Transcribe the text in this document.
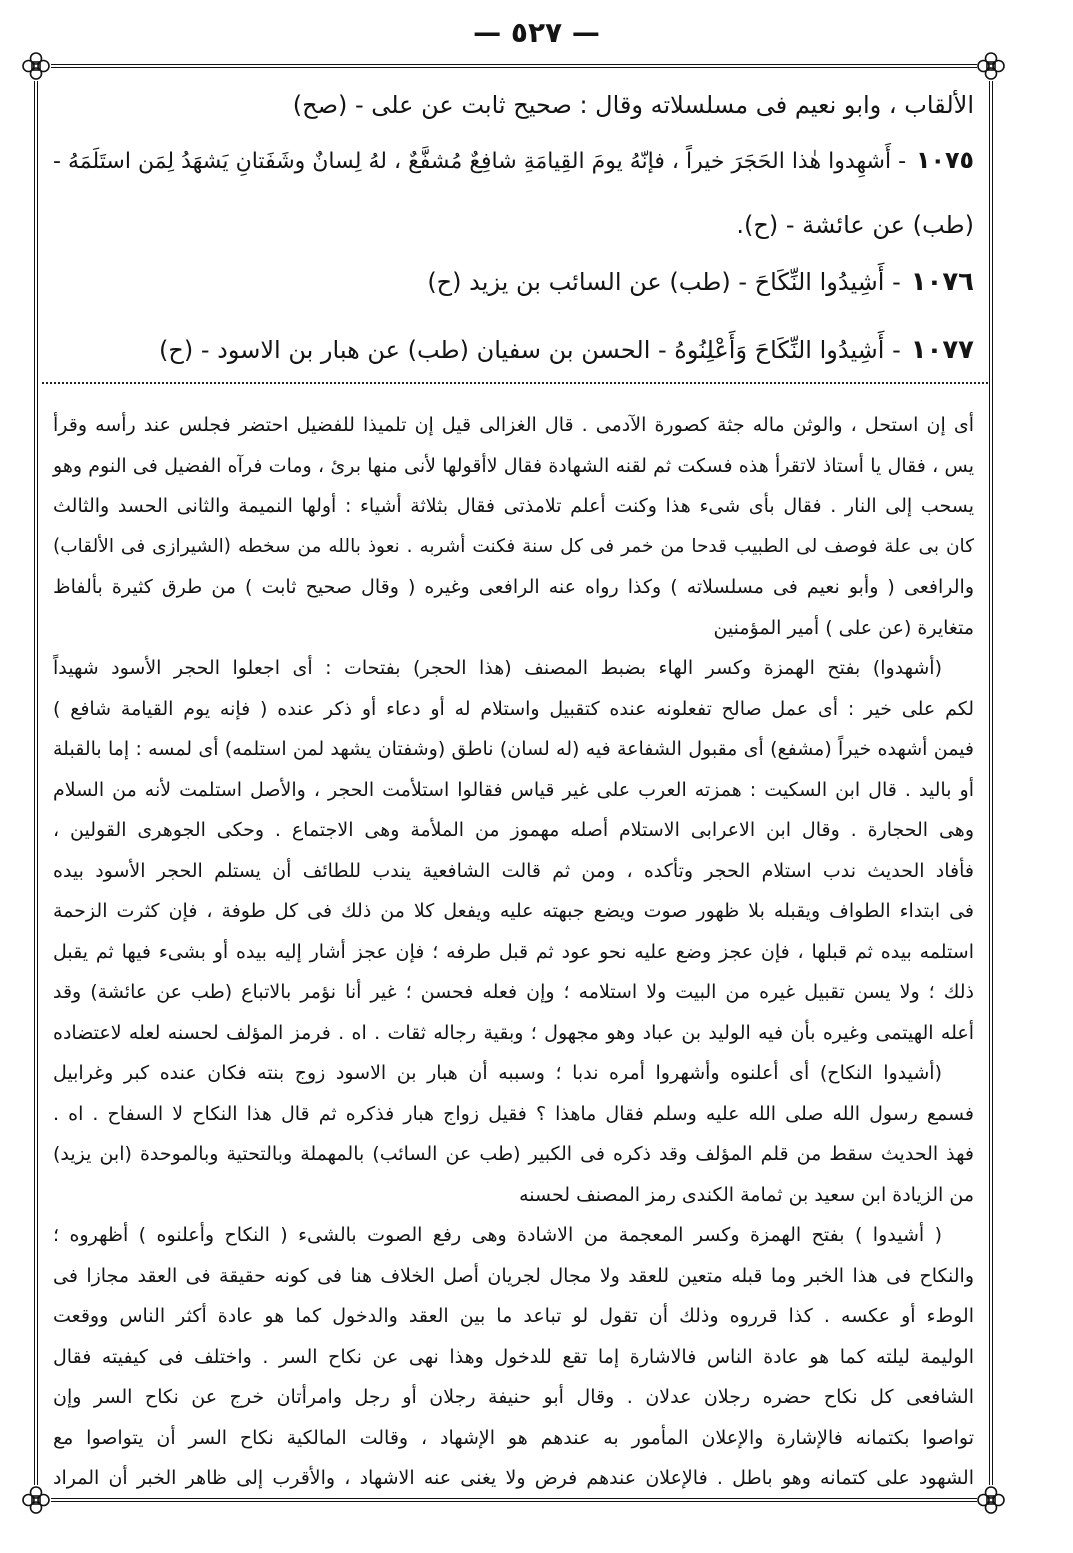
— ٥٢٧ —
الألقاب ، وابو نعيم فى مسلسلاته وقال : صحيح ثابت عن على - (صح)
١٠٧٥- أَشهِدوا هٰذا الحَجَرَ خيراً ، فإنّهُ يومَ القِيامَةِ شافِعٌ مُشفَّعٌ ، لهُ لِسانٌ وشَفَتانِ يَشهَدُ لِمَن استَلَمَهُ -
(طب) عن عائشة - (ح).
١٠٧٦- أَشِيدُوا النِّكَاحَ - (طب) عن السائب بن يزيد (ح)
١٠٧٧- أَشِيدُوا النِّكَاحَ وَأَعْلِنُوهُ - الحسن بن سفيان (طب) عن هبار بن الاسود - (ح)
أى إن استحل ، والوثن ماله جثة كصورة الآدمى . قال الغزالى قيل إن تلميذا للفضيل احتضر فجلس عند رأسه وقرأ
يس ، فقال يا أستاذ لاتقرأ هذه فسكت ثم لقنه الشهادة فقال لاأقولها لأنى منها برئ ، ومات فرآه الفضيل فى النوم وهو
يسحب إلى النار . فقال بأى شىء هذا وكنت أعلم تلامذتى فقال بثلاثة أشياء : أولها النميمة والثانى الحسد والثالث
كان بى علة فوصف لى الطبيب قدحا من خمر فى كل سنة فكنت أشربه . نعوذ بالله من سخطه (الشيرازى فى الألقاب)
والرافعى ( وأبو نعيم فى مسلسلاته ) وكذا رواه عنه الرافعى وغيره ( وقال صحيح ثابت ) من طرق كثيرة بألفاظ
متغايرة (عن على ) أمير المؤمنين
(أشهدوا) بفتح الهمزة وكسر الهاء بضبط المصنف (هذا الحجر) بفتحات : أى اجعلوا الحجر الأسود شهيداً
لكم على خير : أى عمل صالح تفعلونه عنده كتقبيل واستلام له أو دعاء أو ذكر عنده ( فإنه يوم القيامة شافع )
فيمن أشهده خيراً (مشفع) أى مقبول الشفاعة فيه (له لسان) ناطق (وشفتان يشهد لمن استلمه) أى لمسه : إما بالقبلة
أو باليد . قال ابن السكيت : همزته العرب على غير قياس فقالوا استلأمت الحجر ، والأصل استلمت لأنه من السلام
وهى الحجارة . وقال ابن الاعرابى الاستلام أصله مهموز من الملأمة وهى الاجتماع . وحكى الجوهرى القولين ،
فأفاد الحديث ندب استلام الحجر وتأكده ، ومن ثم قالت الشافعية يندب للطائف أن يستلم الحجر الأسود بيده
فى ابتداء الطواف ويقبله بلا ظهور صوت ويضع جبهته عليه ويفعل كلا من ذلك فى كل طوفة ، فإن كثرت الزحمة
استلمه بيده ثم قبلها ، فإن عجز وضع عليه نحو عود ثم قبل طرفه ؛ فإن عجز أشار إليه بيده أو بشىء فيها ثم يقبل
ذلك ؛ ولا يسن تقبيل غيره من البيت ولا استلامه ؛ وإن فعله فحسن ؛ غير أنا نؤمر بالاتباع (طب عن عائشة) وقد
أعله الهيتمى وغيره بأن فيه الوليد بن عباد وهو مجهول ؛ وبقية رجاله ثقات . اه . فرمز المؤلف لحسنه لعله لاعتضاده
(أشيدوا النكاح) أى أعلنوه وأشهروا أمره ندبا ؛ وسببه أن هبار بن الاسود زوج بنته فكان عنده كبر وغرابيل
فسمع رسول الله صلى الله عليه وسلم فقال ماهذا ؟ فقيل زواج هبار فذكره ثم قال هذا النكاح لا السفاح . اه .
فهذ الحديث سقط من قلم المؤلف وقد ذكره فى الكبير (طب عن السائب) بالمهملة وبالتحتية وبالموحدة (ابن يزيد)
من الزيادة ابن سعيد بن ثمامة الكندى رمز المصنف لحسنه
( أشيدوا ) بفتح الهمزة وكسر المعجمة من الاشادة وهى رفع الصوت بالشىء ( النكاح وأعلنوه ) أظهروه ؛
والنكاح فى هذا الخبر وما قبله متعين للعقد ولا مجال لجريان أصل الخلاف هنا فى كونه حقيقة فى العقد مجازا فى
الوطء أو عكسه . كذا قرروه وذلك أن تقول لو تباعد ما بين العقد والدخول كما هو عادة أكثر الناس ووقعت
الوليمة ليلته كما هو عادة الناس فالاشارة إما تقع للدخول وهذا نهى عن نكاح السر . واختلف فى كيفيته فقال
الشافعى كل نكاح حضره رجلان عدلان . وقال أبو حنيفة رجلان أو رجل وامرأتان خرج عن نكاح السر وإن
تواصوا بكتمانه فالإشارة والإعلان المأمور به عندهم هو الإشهاد ، وقالت المالكية نكاح السر أن يتواصوا مع
الشهود على كتمانه وهو باطل . فالإعلان عندهم فرض ولا يغنى عنه الاشهاد ، والأقرب إلى ظاهر الخبر أن المراد
